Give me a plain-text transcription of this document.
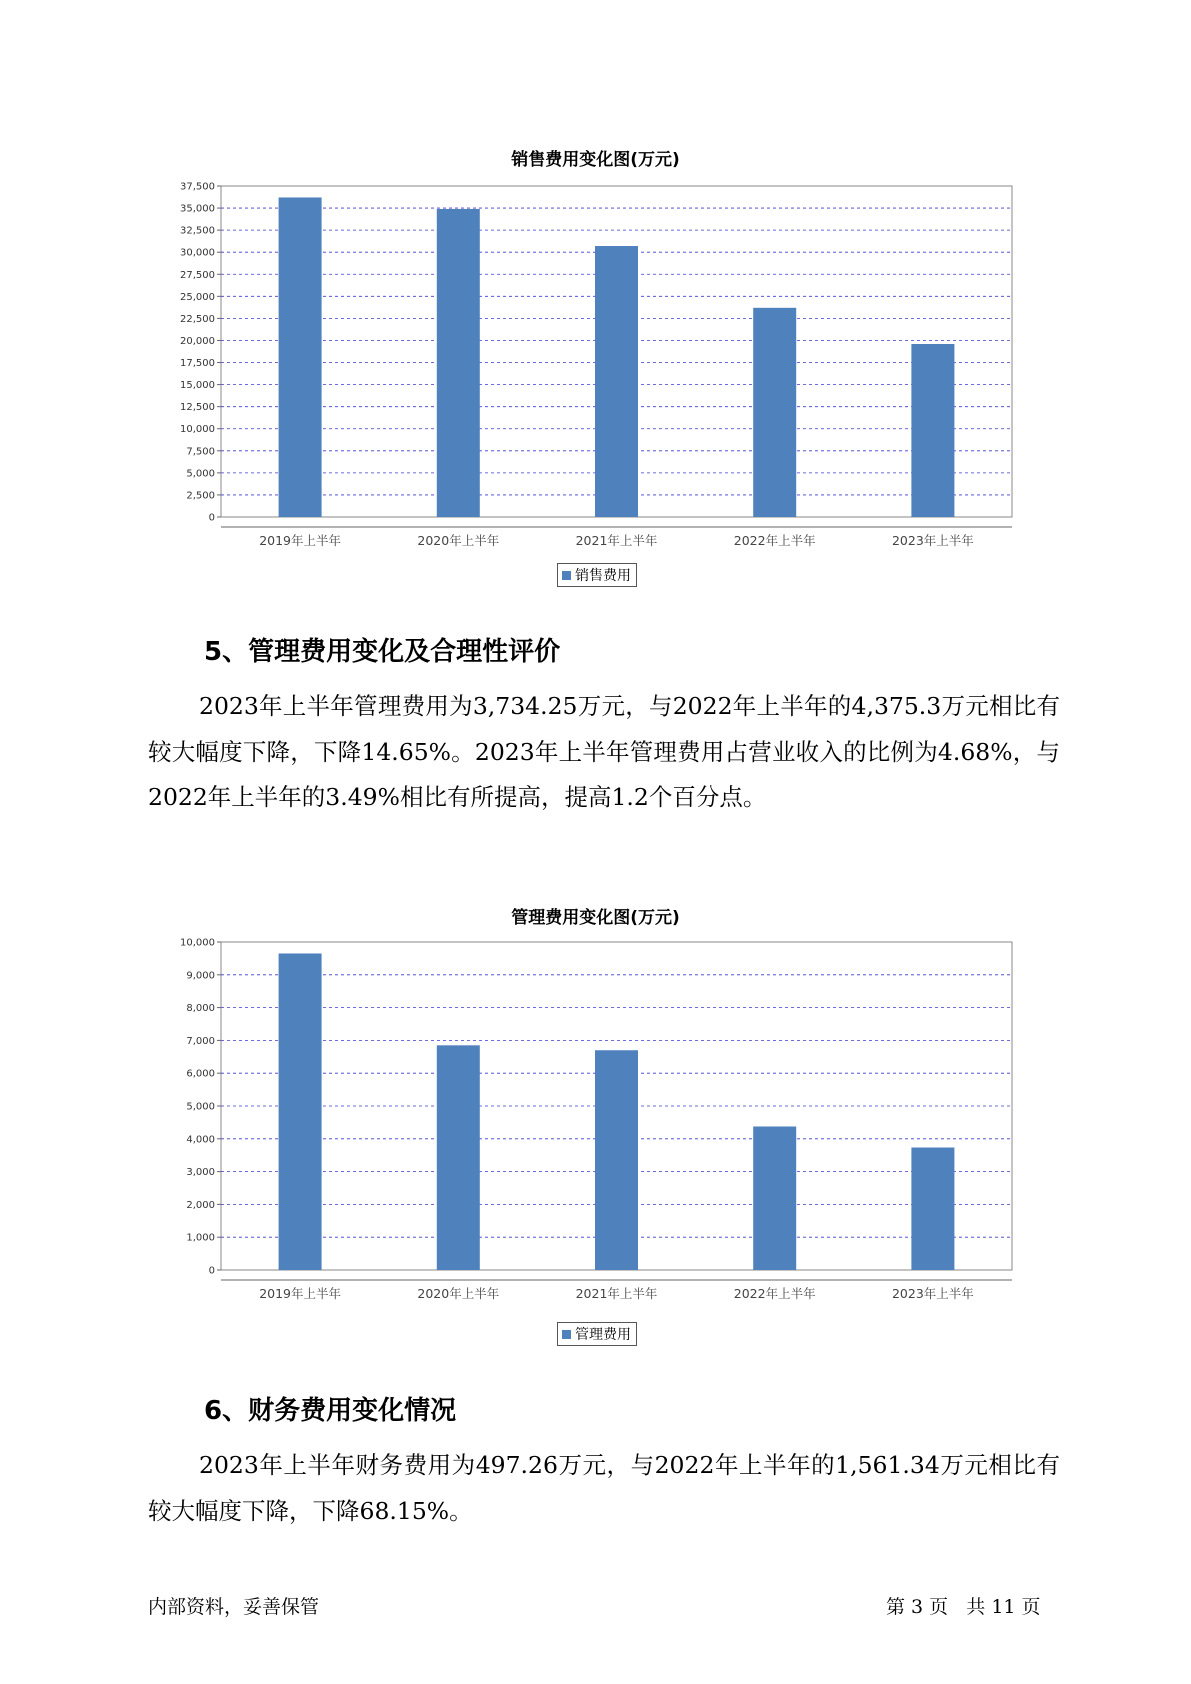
销售费用变化图(万元)
0
2,500
5,000
7,500
10,000
12,500
15,000
17,500
20,000
22,500
25,000
27,500
30,000
32,500
35,000
37,500
2019年上半年	2020年上半年	2021年上半年	2022年上半年	2023年上半年
销售费用
5、管理费用变化及合理性评价
2023年上半年管理费用为3,734.25万元，与2022年上半年的4,375.3万元相比有较大幅度下降，下降14.65%。2023年上半年管理费用占营业收入的比例为4.68%，与2022年上半年的3.49%相比有所提高，提高1.2个百分点。
管理费用变化图(万元)
0
1,000
2,000
3,000
4,000
5,000
6,000
7,000
8,000
9,000
10,000
2019年上半年	2020年上半年	2021年上半年	2022年上半年	2023年上半年
管理费用
6、财务费用变化情况
2023年上半年财务费用为497.26万元，与2022年上半年的1,561.34万元相比有较大幅度下降，下降68.15%。
内部资料，妥善保管	第 3 页   共 11 页
